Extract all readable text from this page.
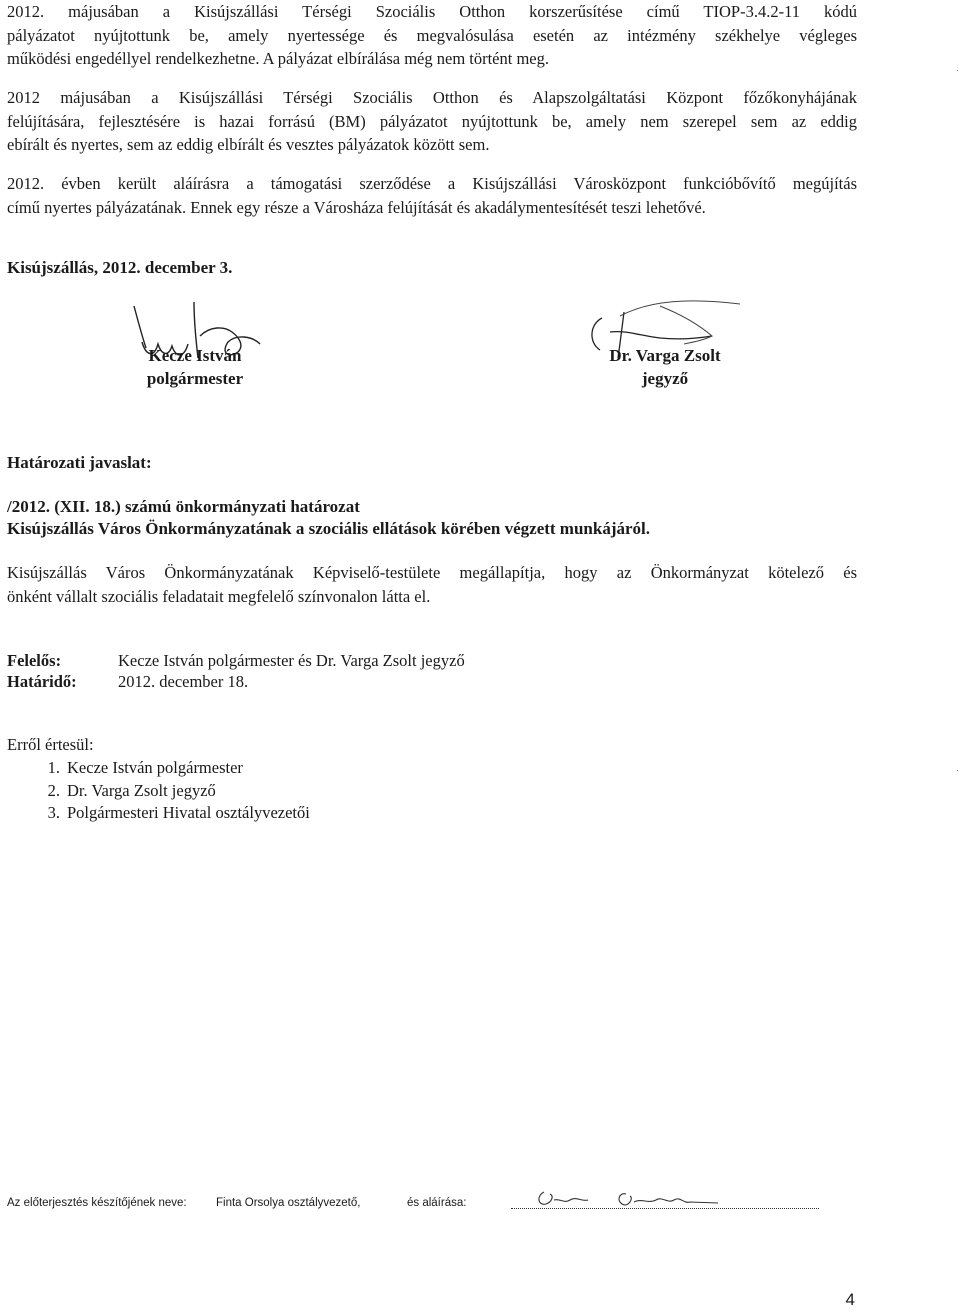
2012. májusában a Kisújszállási Térségi Szociális Otthon korszerűsítése című TIOP-3.4.2-11 kódú
pályázatot nyújtottunk be, amely nyertessége és megvalósulása esetén az intézmény székhelye végleges
működési engedéllyel rendelkezhetne. A pályázat elbírálása még nem történt meg.
2012 májusában a Kisújszállási Térségi Szociális Otthon és Alapszolgáltatási Központ főzőkonyhájának
felújítására, fejlesztésére is hazai forrású (BM) pályázatot nyújtottunk be, amely nem szerepel sem az eddig
ebírált és nyertes, sem az eddig elbírált és vesztes pályázatok között sem.
2012. évben került aláírásra a támogatási szerződése a Kisújszállási Városközpont funkcióbővítő megújítás
című nyertes pályázatának. Ennek egy része a Városháza felújítását és akadálymentesítését teszi lehetővé.
Kisújszállás, 2012. december 3.
Kecze István
polgármester
Dr. Varga Zsolt
jegyző
Határozati javaslat:
/2012. (XII. 18.) számú önkormányzati határozat
Kisújszállás Város Önkormányzatának a szociális ellátások körében végzett munkájáról.
Kisújszállás Város Önkormányzatának Képviselő-testülete megállapítja, hogy az Önkormányzat kötelező és
önként vállalt szociális feladatait megfelelő színvonalon látta el.
Felelős:	Kecze István polgármester és Dr. Varga Zsolt jegyző
Határidő:	2012. december 18.
Erről értesül:
1. Kecze István polgármester
2. Dr. Varga Zsolt jegyző
3. Polgármesteri Hivatal osztályvezetői
Az előterjesztés készítőjének neve:	Finta Orsolya osztályvezető,	és aláírása:
4
